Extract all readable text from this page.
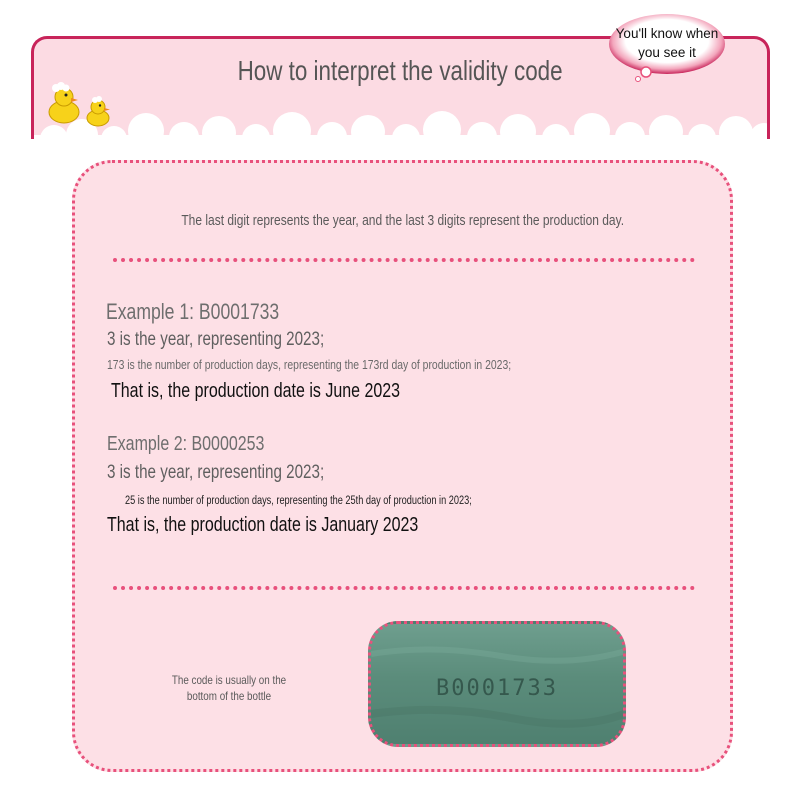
How to interpret the validity code
You'll know when
you see it
The last digit represents the year, and the last 3 digits represent the production day.
Example 1: B0001733
3 is the year, representing 2023;
173 is the number of production days, representing the 173rd day of production in 2023;
That is, the production date is June 2023
Example 2: B0000253
3 is the year, representing 2023;
25 is the number of production days, representing the 25th day of production in 2023;
That is, the production date is January 2023
The code is usually on the bottom of the bottle	B0001733
